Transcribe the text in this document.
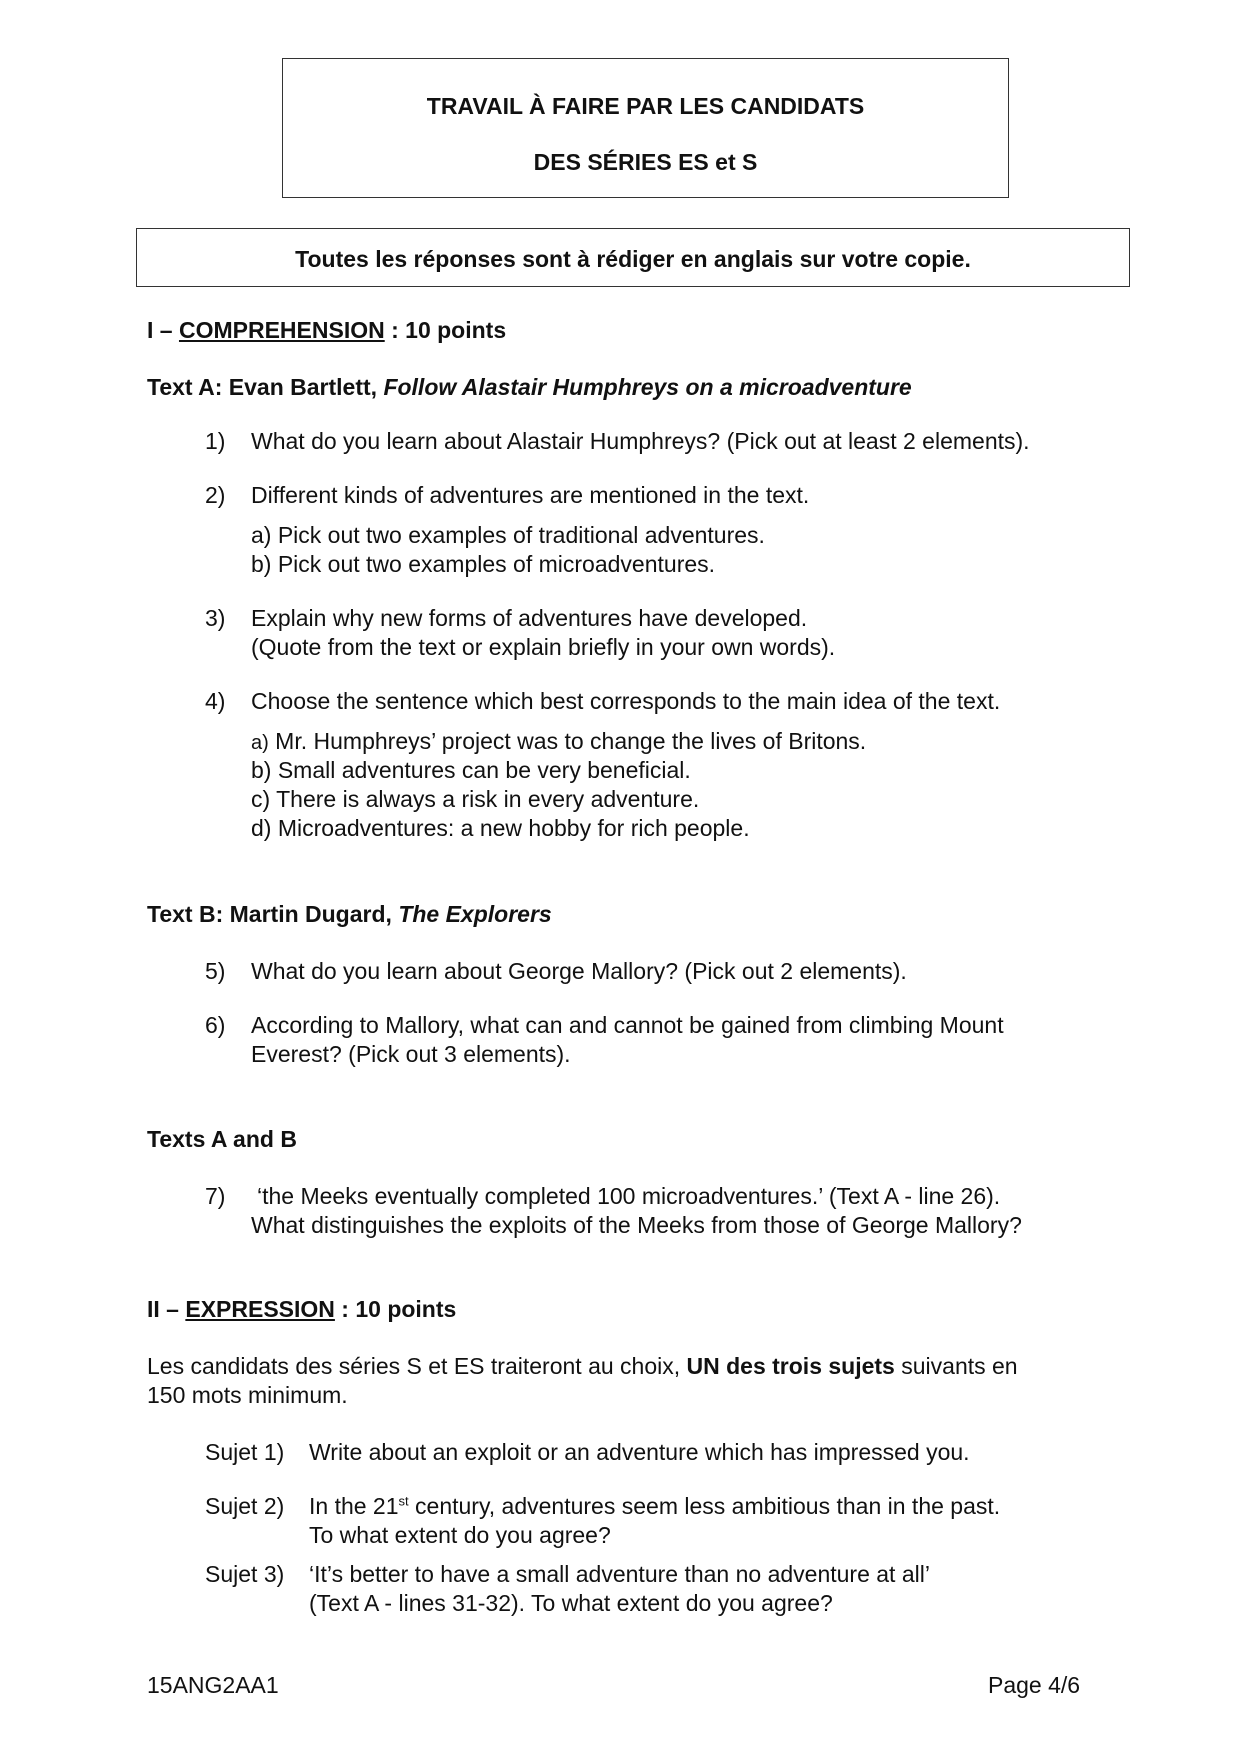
TRAVAIL À FAIRE PAR LES CANDIDATS
DES SÉRIES ES et S
Toutes les réponses sont à rédiger en anglais sur votre copie.
I – COMPREHENSION : 10 points
Text A: Evan Bartlett, Follow Alastair Humphreys on a microadventure
1) What do you learn about Alastair Humphreys? (Pick out at least 2 elements).
2) Different kinds of adventures are mentioned in the text.
a) Pick out two examples of traditional adventures.
b) Pick out two examples of microadventures.
3) Explain why new forms of adventures have developed.
(Quote from the text or explain briefly in your own words).
4) Choose the sentence which best corresponds to the main idea of the text.
a) Mr. Humphreys’ project was to change the lives of Britons.
b) Small adventures can be very beneficial.
c) There is always a risk in every adventure.
d) Microadventures: a new hobby for rich people.
Text B: Martin Dugard, The Explorers
5) What do you learn about George Mallory? (Pick out 2 elements).
6) According to Mallory, what can and cannot be gained from climbing Mount
Everest? (Pick out 3 elements).
Texts A and B
7) ‘the Meeks eventually completed 100 microadventures.’ (Text A - line 26).
What distinguishes the exploits of the Meeks from those of George Mallory?
II – EXPRESSION : 10 points
Les candidats des séries S et ES traiteront au choix, UN des trois sujets suivants en
150 mots minimum.
Sujet 1) Write about an exploit or an adventure which has impressed you.
Sujet 2) In the 21st century, adventures seem less ambitious than in the past.
To what extent do you agree?
Sujet 3) ‘It’s better to have a small adventure than no adventure at all’
(Text A - lines 31-32). To what extent do you agree?
15ANG2AA1	Page 4/6
